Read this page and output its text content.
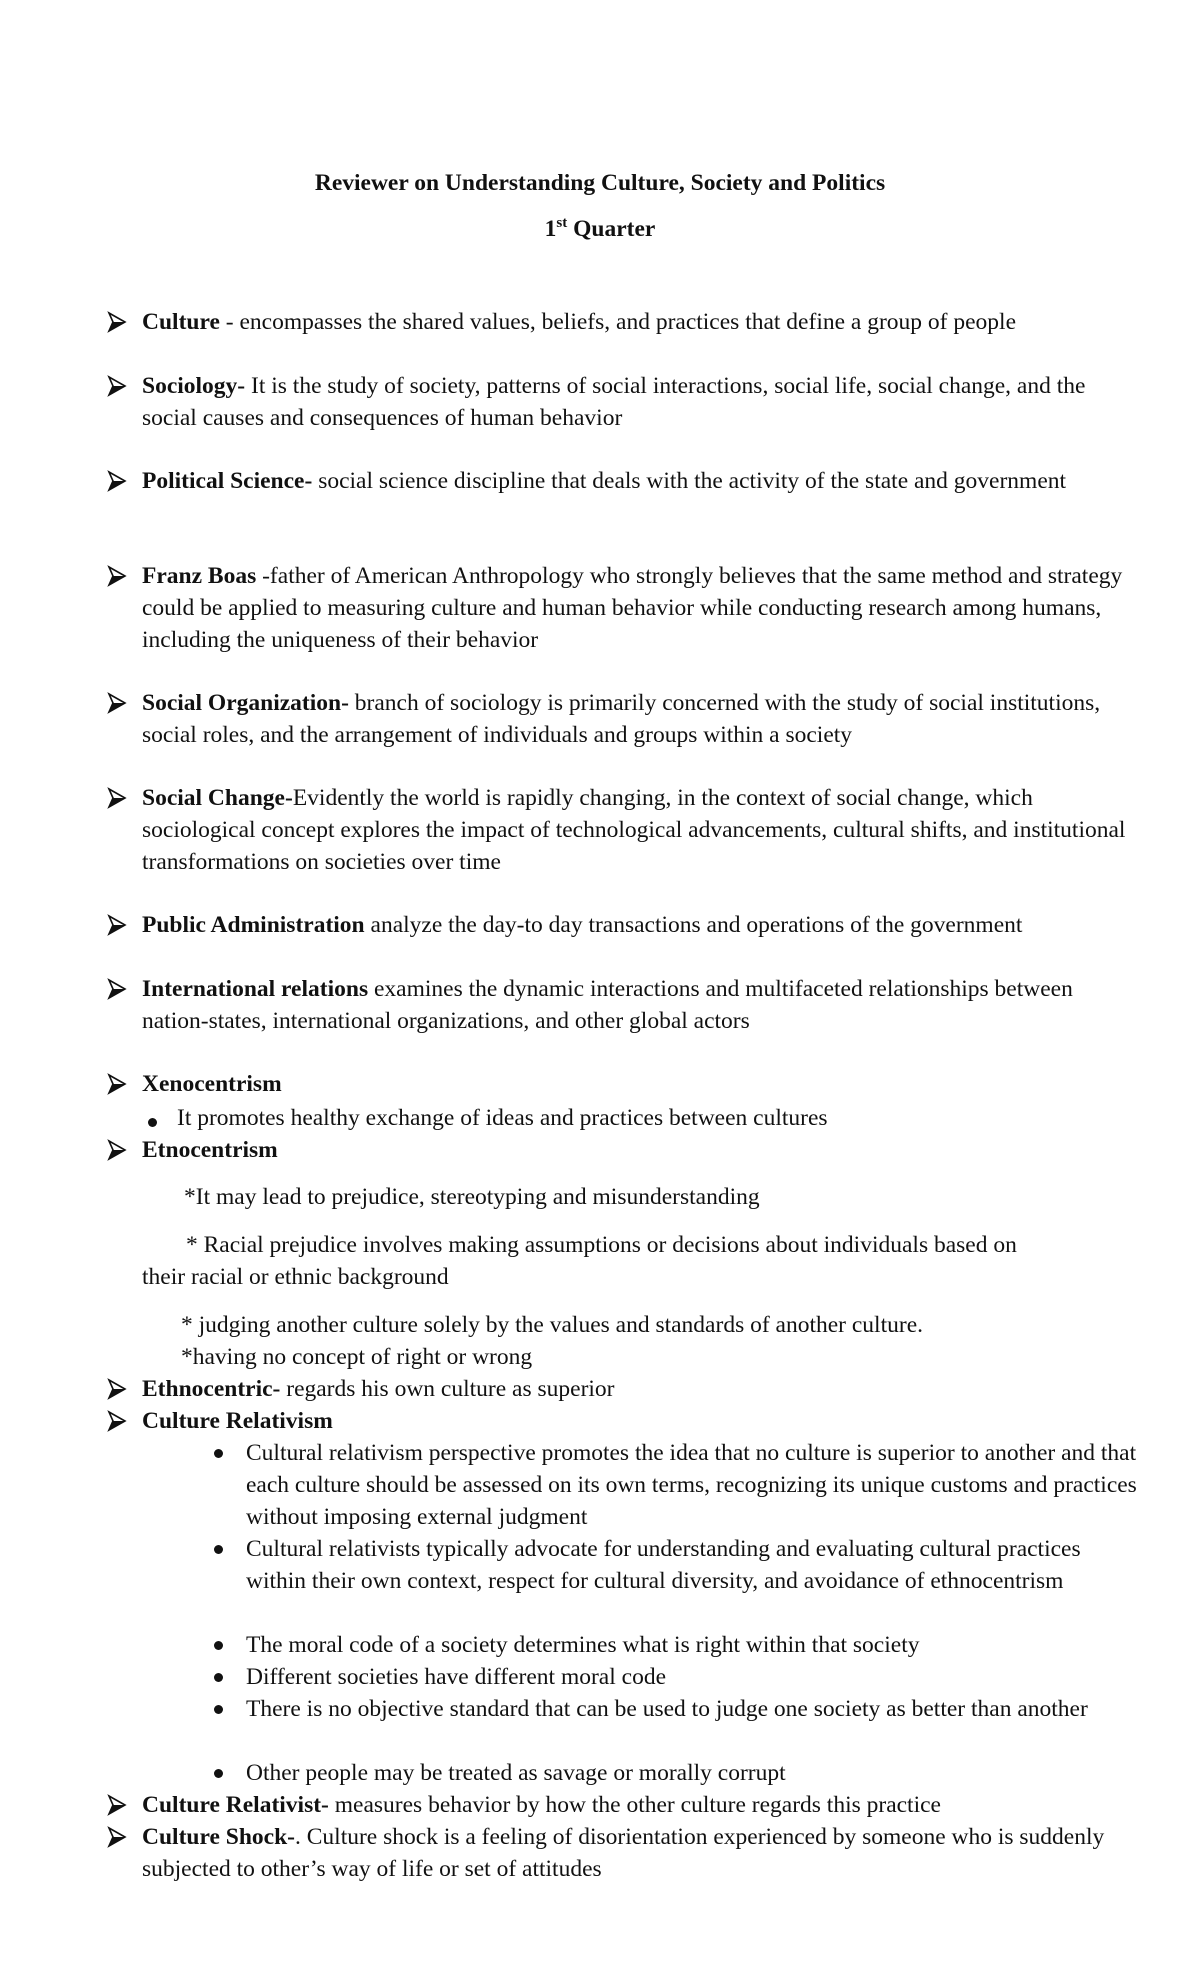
Reviewer on Understanding Culture, Society and Politics
1st Quarter
Culture - encompasses the shared values, beliefs, and practices that define a group of people
Sociology- It is the study of society, patterns of social interactions, social life, social change, and the social causes and consequences of human behavior
Political Science- social science discipline that deals with the activity of the state and government
Franz Boas -father of American Anthropology who strongly believes that the same method and strategy could be applied to measuring culture and human behavior while conducting research among humans, including the uniqueness of their behavior
Social Organization- branch of sociology is primarily concerned with the study of social institutions, social roles, and the arrangement of individuals and groups within a society
Social Change-Evidently the world is rapidly changing, in the context of social change, which sociological concept explores the impact of technological advancements, cultural shifts, and institutional transformations on societies over time
Public Administration analyze the day-to day transactions and operations of the government
International relations examines the dynamic interactions and multifaceted relationships between nation-states, international organizations, and other global actors
Xenocentrism
It promotes healthy exchange of ideas and practices between cultures
Etnocentrism
*It may lead to prejudice, stereotyping and misunderstanding
* Racial prejudice involves making assumptions or decisions about individuals based on
their racial or ethnic background
* judging another culture solely by the values and standards of another culture.
*having no concept of right or wrong
Ethnocentric- regards his own culture as superior
Culture Relativism
Cultural relativism perspective promotes the idea that no culture is superior to another and that each culture should be assessed on its own terms, recognizing its unique customs and practices without imposing external judgment
Cultural relativists typically advocate for understanding and evaluating cultural practices within their own context, respect for cultural diversity, and avoidance of ethnocentrism
The moral code of a society determines what is right within that society
Different societies have different moral code
There is no objective standard that can be used to judge one society as better than another
Other people may be treated as savage or morally corrupt
Culture Relativist- measures behavior by how the other culture regards this practice
Culture Shock-. Culture shock is a feeling of disorientation experienced by someone who is suddenly subjected to other’s way of life or set of attitudes
